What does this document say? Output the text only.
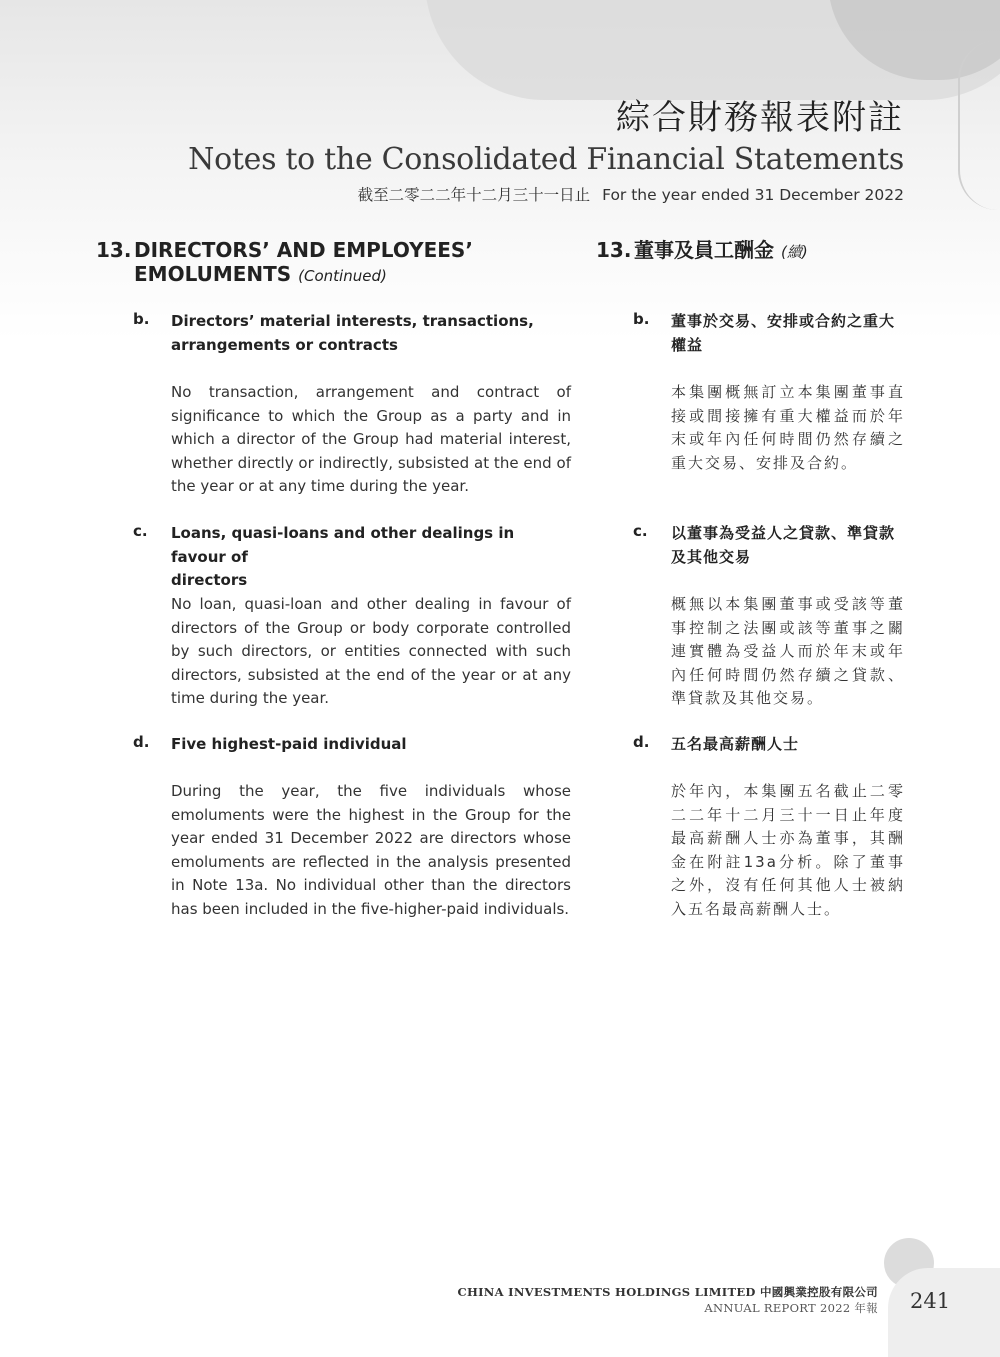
綜合財務報表附註
Notes to the Consolidated Financial Statements
截至二零二二年十二月三十一日止 For the year ended 31 December 2022
13. DIRECTORS’ AND EMPLOYEES’
EMOLUMENTS (Continued)
13. 董事及員工酬金 (續)
b. Directors’ material interests, transactions,
arrangements or contracts
No transaction, arrangement and contract of significance to which the Group as a party and in which a director of the Group had material interest, whether directly or indirectly, subsisted at the end of the year or at any time during the year.
c. Loans, quasi-loans and other dealings in favour of
directors
No loan, quasi-loan and other dealing in favour of directors of the Group or body corporate controlled by such directors, or entities connected with such directors, subsisted at the end of the year or at any time during the year.
d. Five highest-paid individual
During the year, the five individuals whose emoluments were the highest in the Group for the year ended 31 December 2022 are directors whose emoluments are reflected in the analysis presented in Note 13a. No individual other than the directors has been included in the five-higher-paid individuals.
b. 董事於交易、安排或合約之重大
權益
本集團概無訂立本集團董事直接或間接擁有重大權益而於年末或年內任何時間仍然存續之重大交易、安排及合約。
c. 以董事為受益人之貸款、準貸款
及其他交易
概無以本集團董事或受該等董事控制之法團或該等董事之關連實體為受益人而於年末或年內任何時間仍然存續之貸款、準貸款及其他交易。
d. 五名最高薪酬人士
於年內，本集團五名截止二零二二年十二月三十一日止年度最高薪酬人士亦為董事，其酬金在附註13a分析。除了董事之外，沒有任何其他人士被納入五名最高薪酬人士。
CHINA INVESTMENTS HOLDINGS LIMITED 中國興業控股有限公司
ANNUAL REPORT 2022 年報 241
